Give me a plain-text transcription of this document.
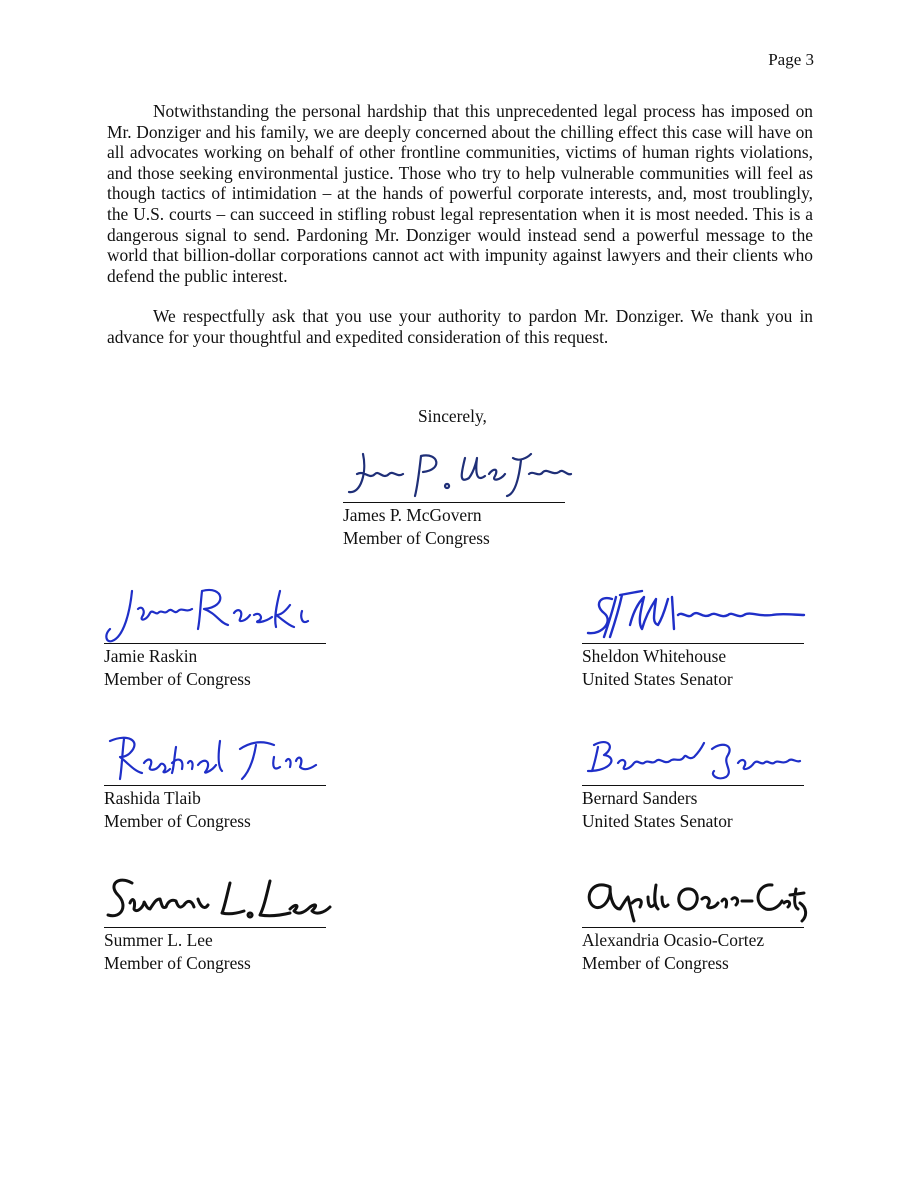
Page 3

Notwithstanding the personal hardship that this unprecedented legal process has imposed on Mr. Donziger and his family, we are deeply concerned about the chilling effect this case will have on all advocates working on behalf of other frontline communities, victims of human rights violations, and those seeking environmental justice. Those who try to help vulnerable communities will feel as though tactics of intimidation – at the hands of powerful corporate interests, and, most troublingly, the U.S. courts – can succeed in stifling robust legal representation when it is most needed. This is a dangerous signal to send. Pardoning Mr. Donziger would instead send a powerful message to the world that billion-dollar corporations cannot act with impunity against lawyers and their clients who defend the public interest.

We respectfully ask that you use your authority to pardon Mr. Donziger. We thank you in advance for your thoughtful and expedited consideration of this request.

Sincerely,
James P. McGovern
Member of Congress
Jamie Raskin
Member of Congress
Sheldon Whitehouse
United States Senator
Rashida Tlaib
Member of Congress
Bernard Sanders
United States Senator
Summer L. Lee
Member of Congress
Alexandria Ocasio-Cortez
Member of Congress
